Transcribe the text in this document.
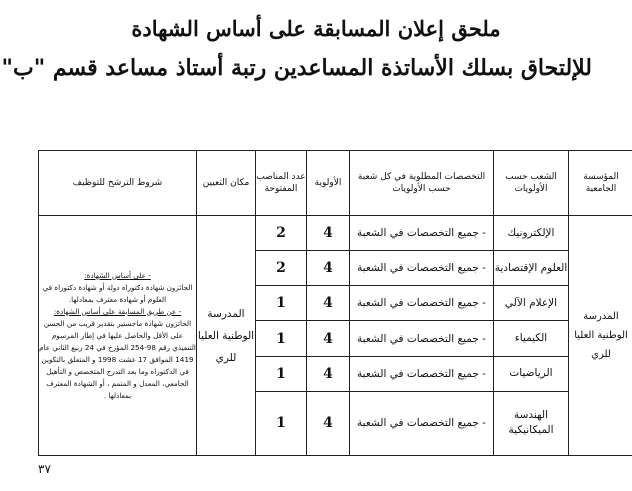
ملحق إعلان المسابقة على أساس الشهادة
للإلتحاق بسلك الأساتذة المساعدين رتبة أستاذ مساعد قسم "ب"
المؤسسة الجامعية	الشعب حسب الأولويات	التخصصات المطلوبة في كل شعبة حسب الأولويات	الأولوية	عدد المناصب المفتوحة	مكان التعيين	شروط الترشح للتوظيف
المدرسة الوطنية العليا للري	الإلكترونيك	- جميع التخصصات في الشعبة	4	2	المدرسة الوطنية العليا للري	- على أساس الشهادة:
الحائزون شهادة دكتوراه دولة أو شهادة دكتوراه في العلوم أو شهادة معترف بمعادلها.
- عن طريق المسابقة على أساس الشهادة:
الحائزون شهادة ماجستير بتقدير قريب من الحسن على الأقل والحاصل عليها في إطار المرسوم التنفيذي رقم 98-254 المؤرخ في 24 ربيع الثاني عام 1419 الموافق 17 غشت 1998 و المتعلق بالتكوين في الدكتوراه وما بعد التدرج المتخصص و التأهيل الجامعي، المعدل و المتمم ، أو الشهادة المعترف بمعادلها .

	العلوم الإقتصادية	- جميع التخصصات في الشعبة	4	2		
	الإعلام الآلي	- جميع التخصصات في الشعبة	4	1		
	الكيمياء	- جميع التخصصات في الشعبة	4	1		
	الرياضيات	- جميع التخصصات في الشعبة	4	1		
	الهندسة الميكانيكية	- جميع التخصصات في الشعبة	4	1		
٣٧
